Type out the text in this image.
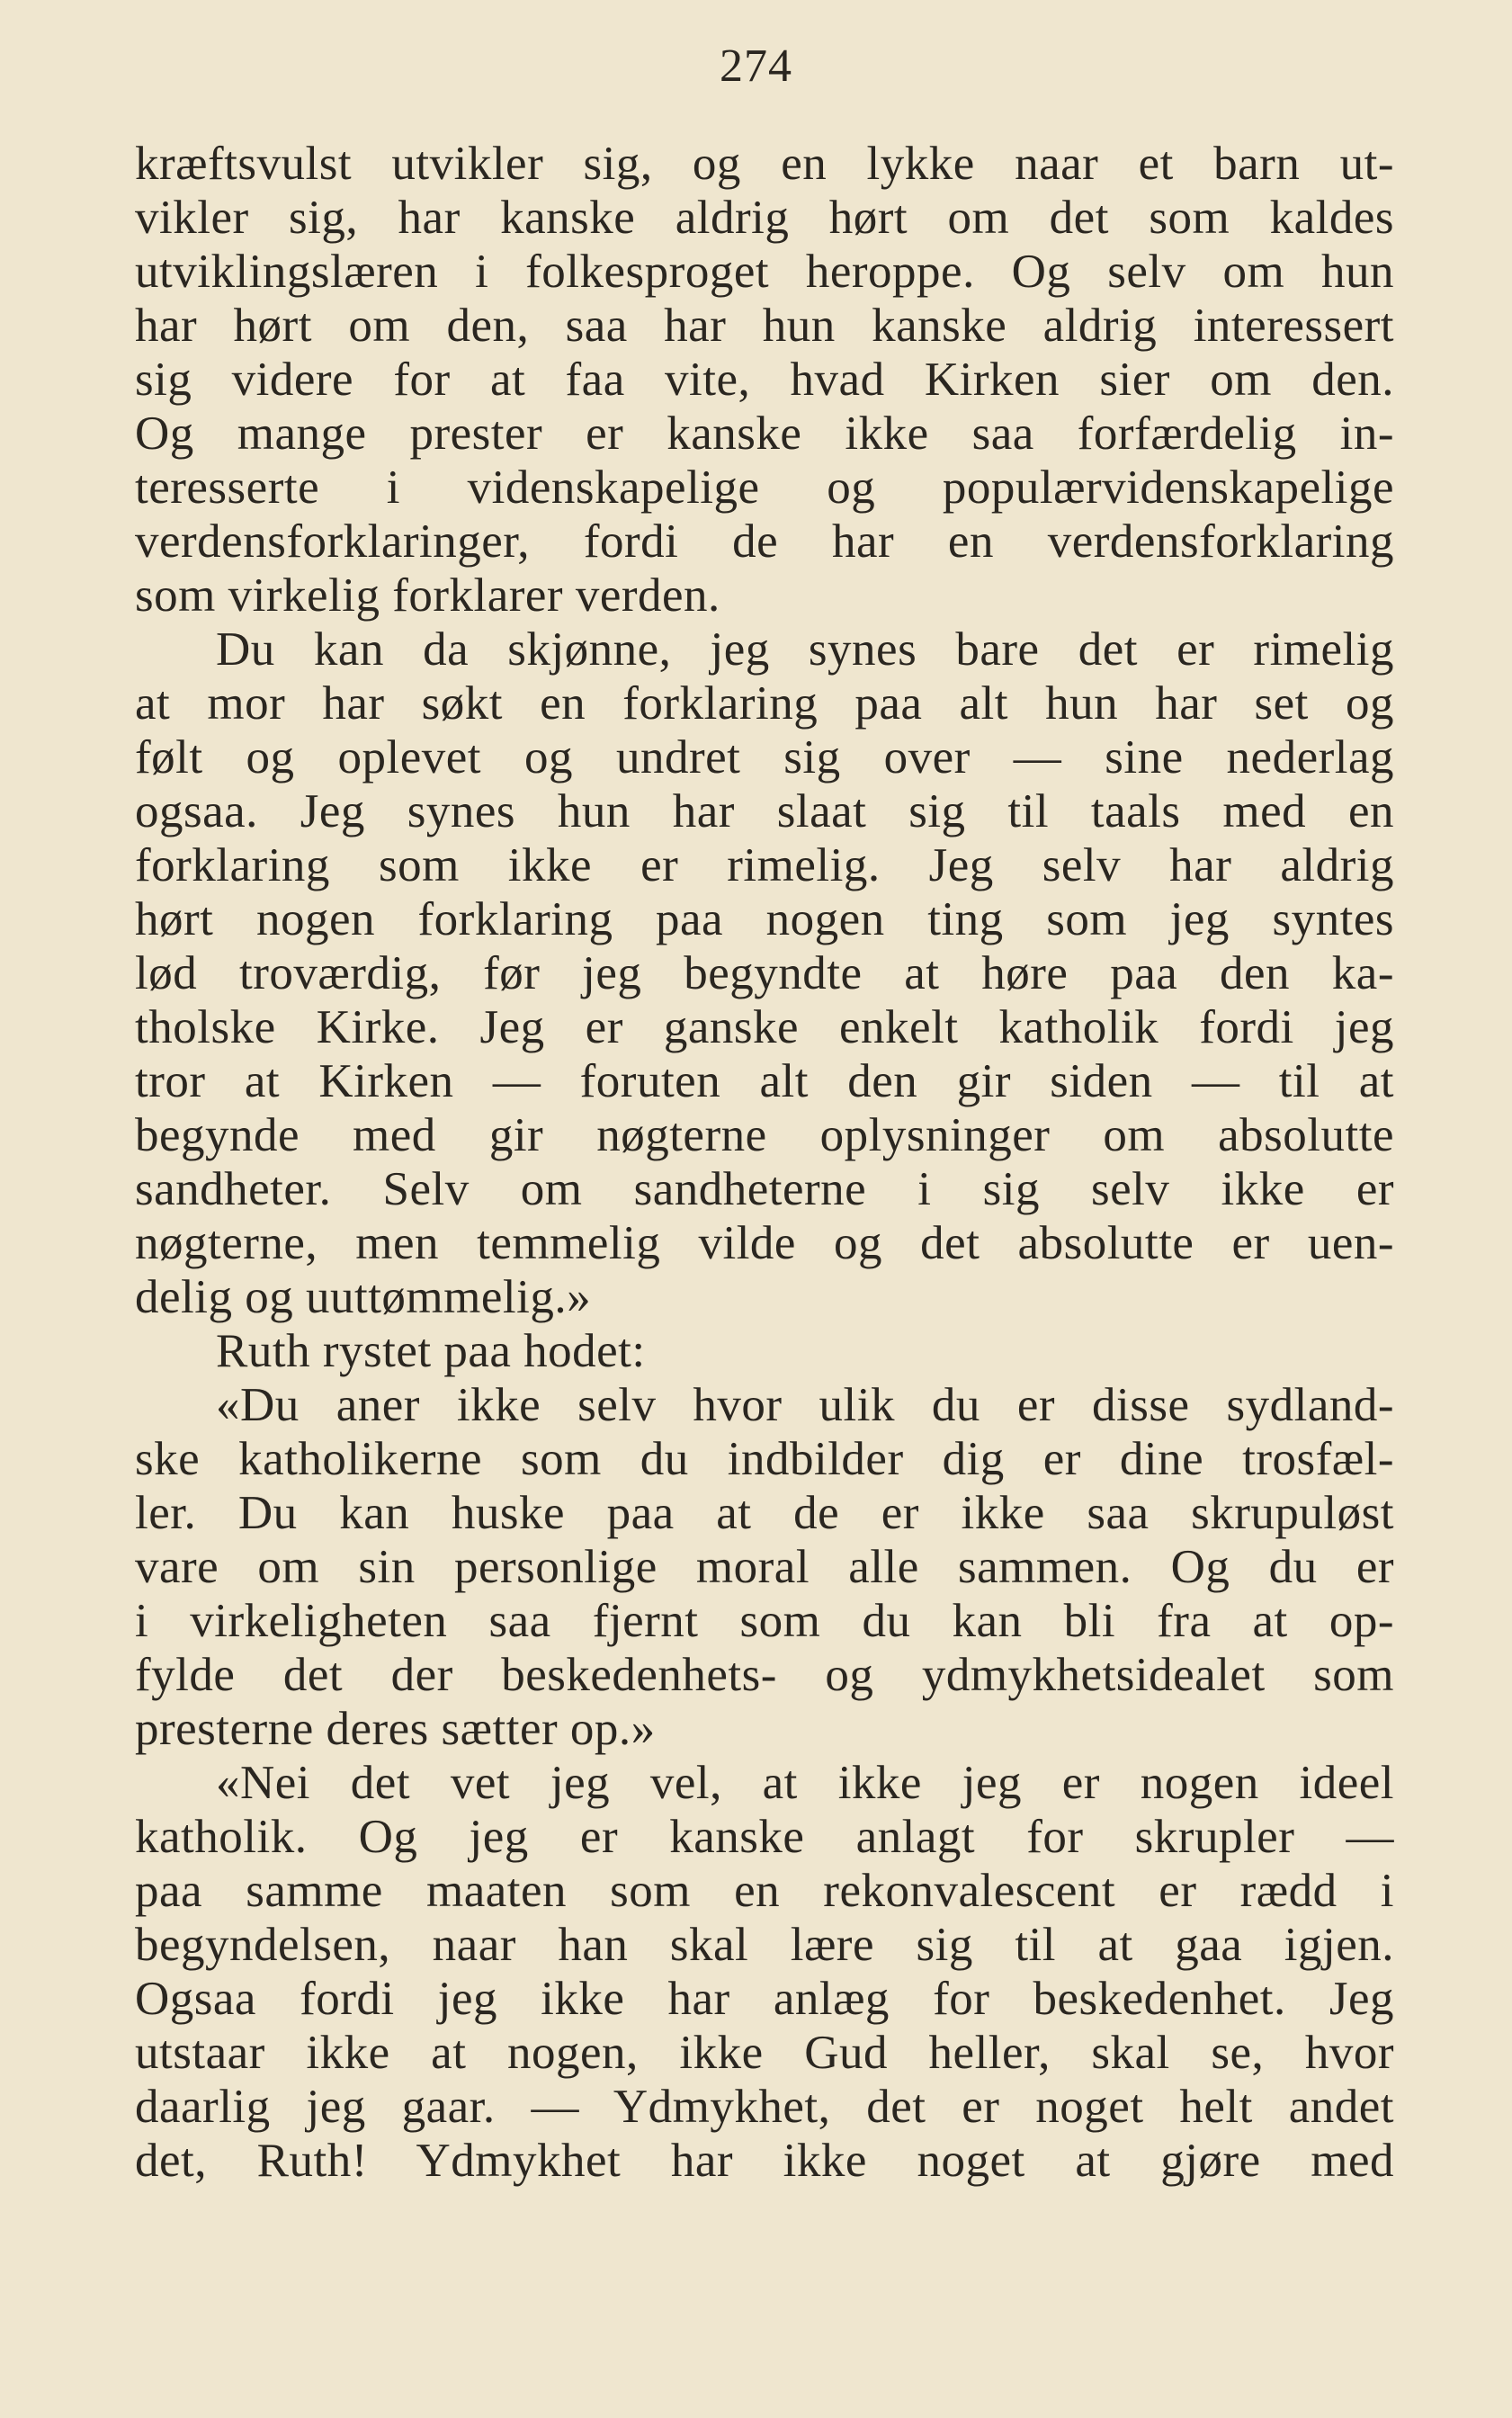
274
kræftsvulst utvikler sig, og en lykke naar et barn ut-
vikler sig, har kanske aldrig hørt om det som kaldes
utviklingslæren i folkesproget heroppe. Og selv om hun
har hørt om den, saa har hun kanske aldrig interessert
sig videre for at faa vite, hvad Kirken sier om den.
Og mange prester er kanske ikke saa forfærdelig in-
teresserte i videnskapelige og populærvidenskapelige
verdensforklaringer, fordi de har en verdensforklaring
som virkelig forklarer verden.
Du kan da skjønne, jeg synes bare det er rimelig
at mor har søkt en forklaring paa alt hun har set og
følt og oplevet og undret sig over — sine nederlag
ogsaa. Jeg synes hun har slaat sig til taals med en
forklaring som ikke er rimelig. Jeg selv har aldrig
hørt nogen forklaring paa nogen ting som jeg syntes
lød troværdig, før jeg begyndte at høre paa den ka-
tholske Kirke. Jeg er ganske enkelt katholik fordi jeg
tror at Kirken — foruten alt den gir siden — til at
begynde med gir nøgterne oplysninger om absolutte
sandheter. Selv om sandheterne i sig selv ikke er
nøgterne, men temmelig vilde og det absolutte er uen-
delig og uuttømmelig.»
Ruth rystet paa hodet:
«Du aner ikke selv hvor ulik du er disse sydland-
ske katholikerne som du indbilder dig er dine trosfæl-
ler. Du kan huske paa at de er ikke saa skrupuløst
vare om sin personlige moral alle sammen. Og du er
i virkeligheten saa fjernt som du kan bli fra at op-
fylde det der beskedenhets- og ydmykhetsidealet som
presterne deres sætter op.»
«Nei det vet jeg vel, at ikke jeg er nogen ideel
katholik. Og jeg er kanske anlagt for skrupler —
paa samme maaten som en rekonvalescent er rædd i
begyndelsen, naar han skal lære sig til at gaa igjen.
Ogsaa fordi jeg ikke har anlæg for beskedenhet. Jeg
utstaar ikke at nogen, ikke Gud heller, skal se, hvor
daarlig jeg gaar. — Ydmykhet, det er noget helt andet
det, Ruth! Ydmykhet har ikke noget at gjøre med
